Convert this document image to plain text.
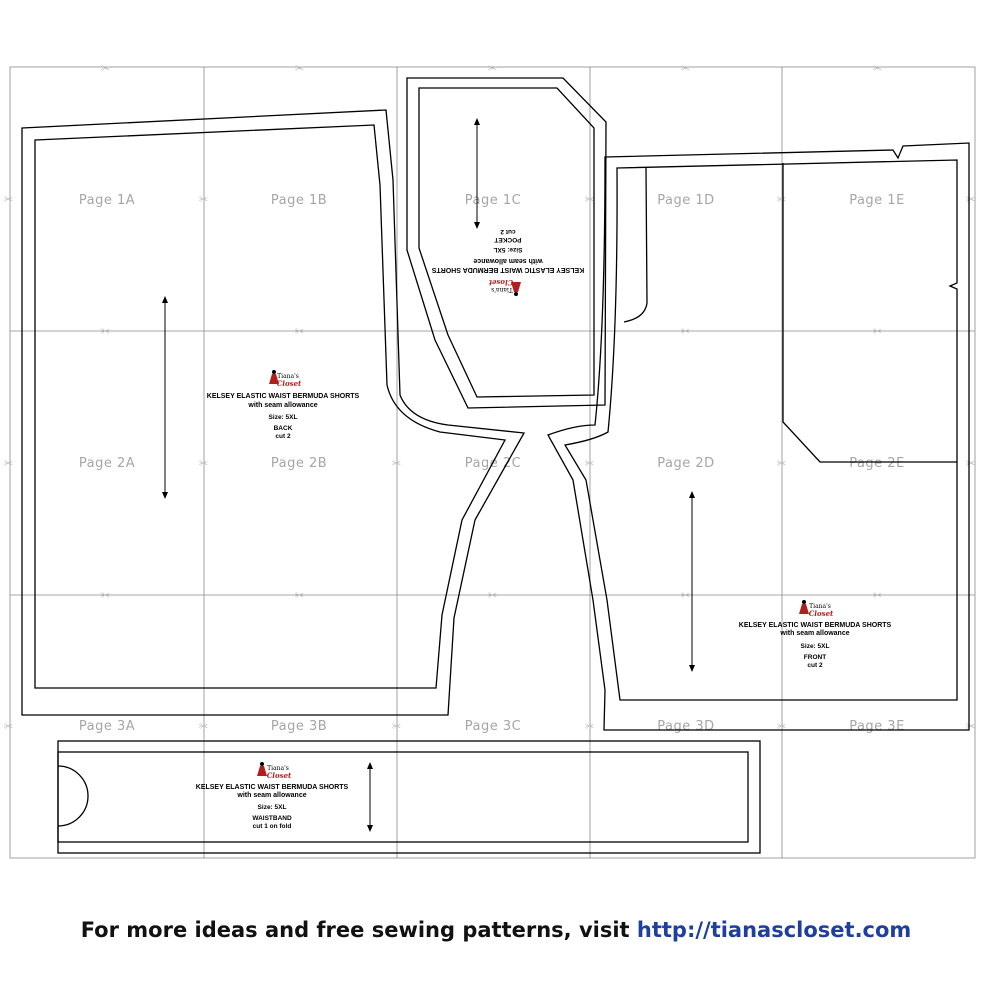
✂	✂	✂	✂	✂
✂	✂	✂	✂
✂	✂	✂	✂	✂
✂	✂	✂	✂	✂
✂	✂	✂	✂	✂	✂
✂	✂	✂	✂	✂	✂
Page 1A	Page 1B	Page 1C	Page 1D	Page 1E
Page 2A	Page 2B	Page 2C	Page 2D	Page 2E
Page 3A	Page 3B	Page 3C	Page 3D	Page 3E
Tiana's
Closet
KELSEY ELASTIC WAIST BERMUDA SHORTS
with seam allowance
Size: 5XL
BACK
cut 2
Tiana's
Closet
KELSEY ELASTIC WAIST BERMUDA SHORTS
with seam allowance
Size: 5XL
POCKET
cut 2
Tiana's
Closet
KELSEY ELASTIC WAIST BERMUDA SHORTS
with seam allowance
Size: 5XL
FRONT
cut 2
Tiana's
Closet
KELSEY ELASTIC WAIST BERMUDA SHORTS
with seam allowance
Size: 5XL
WAISTBAND
cut 1 on fold
For more ideas and free sewing patterns, visit http://tianascloset.com
